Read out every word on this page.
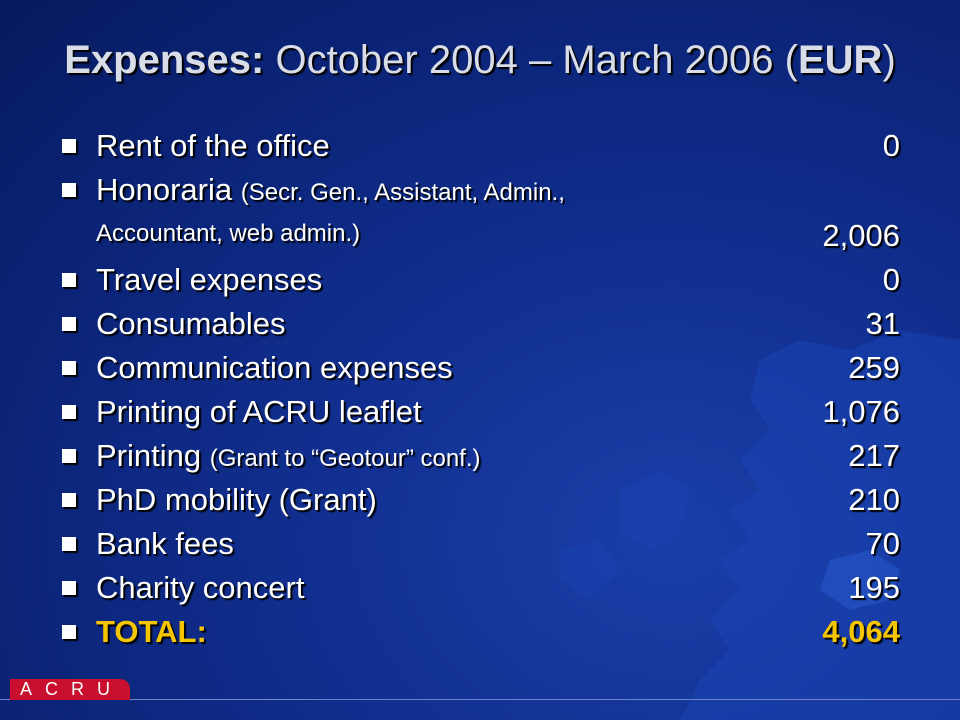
Expenses: October 2004 – March 2006 (EUR)
Rent of the office	0
Honoraria (Secr. Gen., Assistant, Admin.,
Accountant, web admin.)	2,006
Travel expenses	0
Consumables	31
Communication expenses	259
Printing of ACRU leaflet	1,076
Printing (Grant to “Geotour” conf.)	217
PhD mobility (Grant)	210
Bank fees	70
Charity concert	195
TOTAL:	4,064
ACRU
